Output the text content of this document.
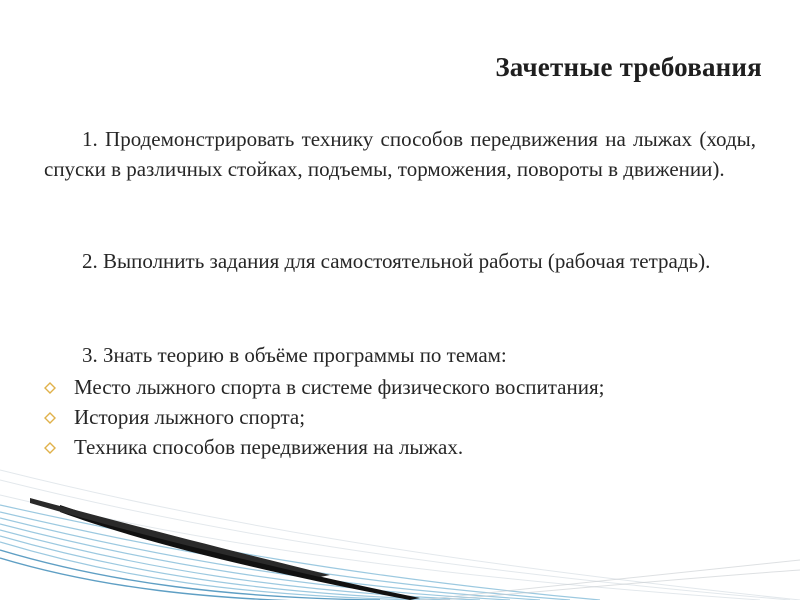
Зачетные требования

1. Продемонстрировать технику способов передвижения на лыжах (ходы, спуски в различных стойках, подъемы, торможения, повороты в движении).

2. Выполнить задания для самостоятельной работы (рабочая тетрадь).

3. Знать теорию в объёме программы по темам:

Место лыжного спорта в системе физического воспитания;
История лыжного спорта;
Техника способов передвижения на лыжах.
